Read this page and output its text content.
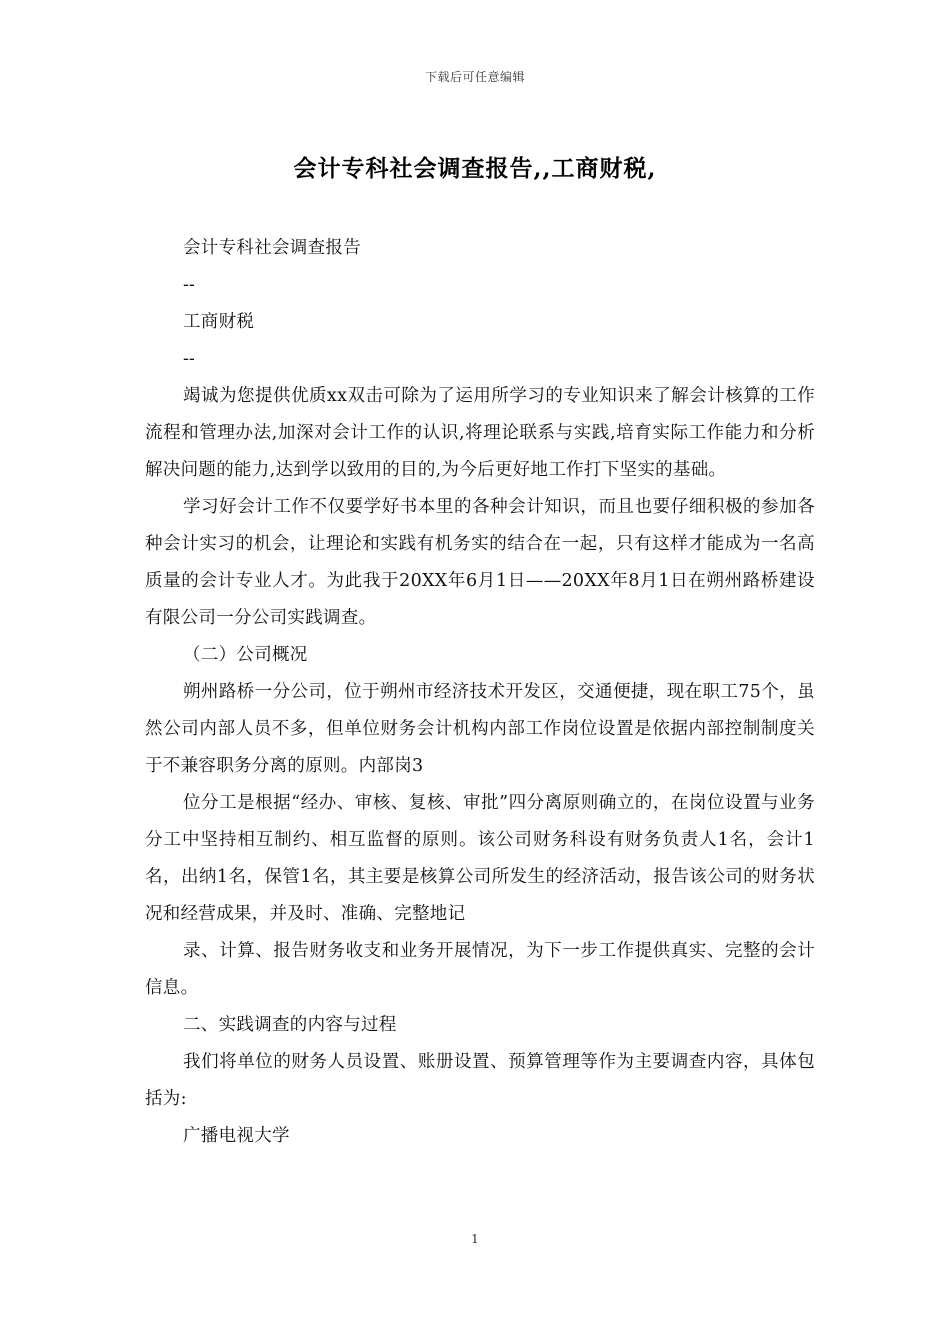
下载后可任意编辑
会计专科社会调查报告,,工商财税,

会计专科社会调查报告

--

工商财税

--

竭诚为您提供优质xx双击可除为了运用所学习的专业知识来了解会计核算的工作流程和管理办法,加深对会计工作的认识,将理论联系与实践,培育实际工作能力和分析解决问题的能力,达到学以致用的目的,为今后更好地工作打下坚实的基础。

学习好会计工作不仅要学好书本里的各种会计知识，而且也要仔细积极的参加各种会计实习的机会，让理论和实践有机务实的结合在一起，只有这样才能成为一名高质量的会计专业人才。为此我于20XX年6月1日——20XX年8月1日在朔州路桥建设有限公司一分公司实践调查。

（二）公司概况

朔州路桥一分公司，位于朔州市经济技术开发区，交通便捷，现在职工75个，虽然公司内部人员不多，但单位财务会计机构内部工作岗位设置是依据内部控制制度关于不兼容职务分离的原则。内部岗3

位分工是根据“经办、审核、复核、审批”四分离原则确立的，在岗位设置与业务分工中坚持相互制约、相互监督的原则。该公司财务科设有财务负责人1名，会计1名，出纳1名，保管1名，其主要是核算公司所发生的经济活动，报告该公司的财务状况和经营成果，并及时、准确、完整地记

录、计算、报告财务收支和业务开展情况，为下一步工作提供真实、完整的会计信息。

二、实践调查的内容与过程

我们将单位的财务人员设置、账册设置、预算管理等作为主要调查内容，具体包括为:

广播电视大学

1
